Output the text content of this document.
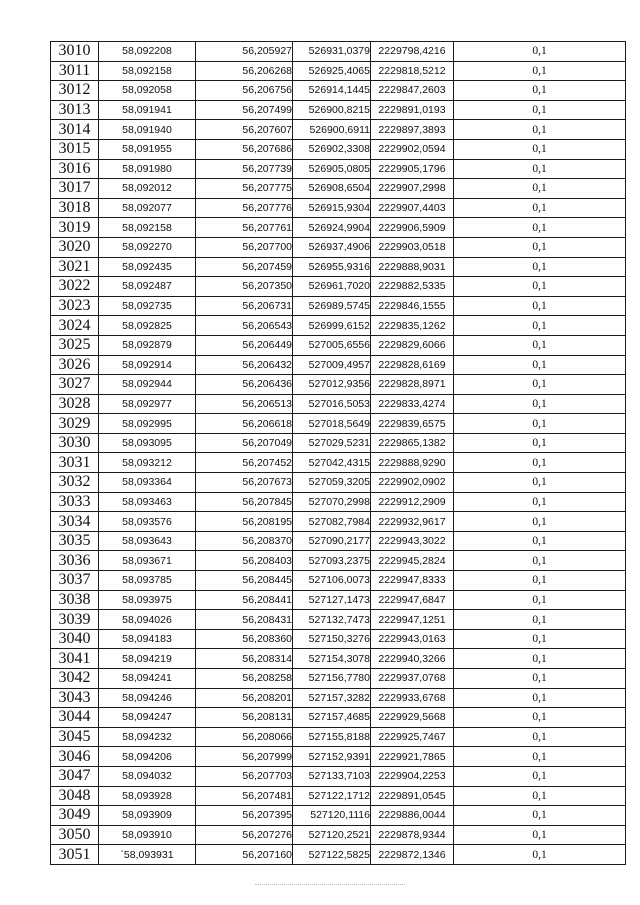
3010	58,092208	56,205927	526931,0379	2229798,4216	0,1
3011	58,092158	56,206268	526925,4065	2229818,5212	0,1
3012	58,092058	56,206756	526914,1445	2229847,2603	0,1
3013	58,091941	56,207499	526900,8215	2229891,0193	0,1
3014	58,091940	56,207607	526900,6911	2229897,3893	0,1
3015	58,091955	56,207686	526902,3308	2229902,0594	0,1
3016	58,091980	56,207739	526905,0805	2229905,1796	0,1
3017	58,092012	56,207775	526908,6504	2229907,2998	0,1
3018	58,092077	56,207776	526915,9304	2229907,4403	0,1
3019	58,092158	56,207761	526924,9904	2229906,5909	0,1
3020	58,092270	56,207700	526937,4906	2229903,0518	0,1
3021	58,092435	56,207459	526955,9316	2229888,9031	0,1
3022	58,092487	56,207350	526961,7020	2229882,5335	0,1
3023	58,092735	56,206731	526989,5745	2229846,1555	0,1
3024	58,092825	56,206543	526999,6152	2229835,1262	0,1
3025	58,092879	56,206449	527005,6556	2229829,6066	0,1
3026	58,092914	56,206432	527009,4957	2229828,6169	0,1
3027	58,092944	56,206436	527012,9356	2229828,8971	0,1
3028	58,092977	56,206513	527016,5053	2229833,4274	0,1
3029	58,092995	56,206618	527018,5649	2229839,6575	0,1
3030	58,093095	56,207049	527029,5231	2229865,1382	0,1
3031	58,093212	56,207452	527042,4315	2229888,9290	0,1
3032	58,093364	56,207673	527059,3205	2229902,0902	0,1
3033	58,093463	56,207845	527070,2998	2229912,2909	0,1
3034	58,093576	56,208195	527082,7984	2229932,9617	0,1
3035	58,093643	56,208370	527090,2177	2229943,3022	0,1
3036	58,093671	56,208403	527093,2375	2229945,2824	0,1
3037	58,093785	56,208445	527106,0073	2229947,8333	0,1
3038	58,093975	56,208441	527127,1473	2229947,6847	0,1
3039	58,094026	56,208431	527132,7473	2229947,1251	0,1
3040	58,094183	56,208360	527150,3276	2229943,0163	0,1
3041	58,094219	56,208314	527154,3078	2229940,3266	0,1
3042	58,094241	56,208258	527156,7780	2229937,0768	0,1
3043	58,094246	56,208201	527157,3282	2229933,6768	0,1
3044	58,094247	56,208131	527157,4685	2229929,5668	0,1
3045	58,094232	56,208066	527155,8188	2229925,7467	0,1
3046	58,094206	56,207999	527152,9391	2229921,7865	0,1
3047	58,094032	56,207703	527133,7103	2229904,2253	0,1
3048	58,093928	56,207481	527122,1712	2229891,0545	0,1
3049	58,093909	56,207395	527120,1116	2229886,0044	0,1
3050	58,093910	56,207276	527120,2521	2229878,9344	0,1
3051	`58,093931	56,207160	527122,5825	2229872,1346	0,1
